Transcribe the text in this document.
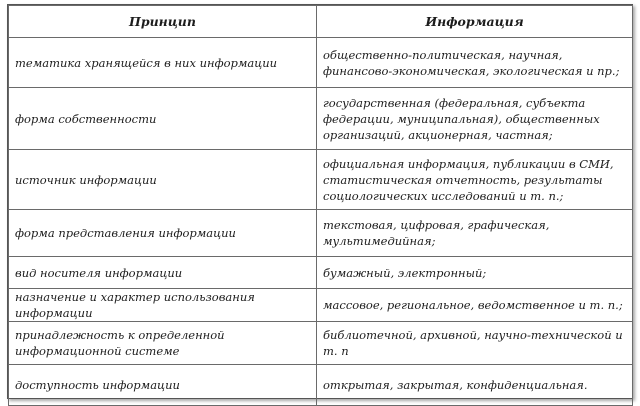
Принцип	Информация
тематика хранящейся в них информации	общественно-политическая, научная, финансово-экономическая, экологическая и пр.;
форма собственности	государственная (федеральная, субъекта федерации, муниципальная), общественных организаций, акционерная, частная;
источник информации	официальная информация, публикации в СМИ, статистическая отчетность, результаты социологических исследований и т. п.;
форма представления информации	текстовая, цифровая, графическая, мультимедийная;
вид носителя информации	бумажный, электронный;
назначение и характер использования информации	массовое, региональное, ведомственное и т. п.;
принадлежность к определенной информационной системе	библиотечной, архивной, научно-технической и т. п
доступность информации	открытая, закрытая, конфиденциальная.
